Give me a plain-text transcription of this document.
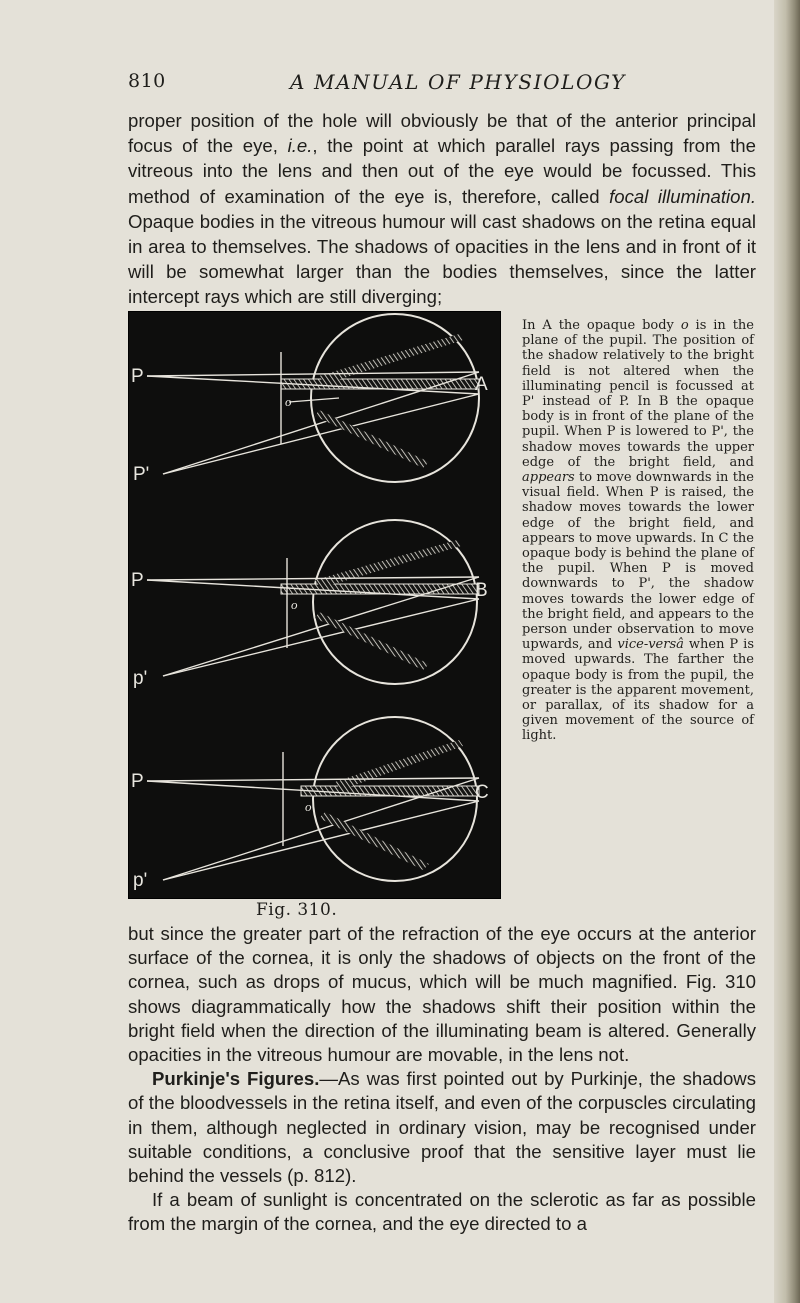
810	A MANUAL OF PHYSIOLOGY

proper position of the hole will obviously be that of the anterior principal focus of the eye, i.e., the point at which parallel rays passing from the vitreous into the lens and then out of the eye would be focussed. This method of examination of the eye is, therefore, called focal illumination. Opaque bodies in the vitreous humour will cast shadows on the retina equal in area to themselves. The shadows of opacities in the lens and in front of it will be somewhat larger than the bodies themselves, since the latter intercept rays which are still diverging;

P
P'
A
o
P
p'
B
o
P
p'
C
o
Fig. 310.

In A the opaque body o is in the plane of the pupil. The position of the shadow relatively to the bright field is not altered when the illuminating pencil is focussed at P' instead of P. In B the opaque body is in front of the plane of the pupil. When P is lowered to P', the shadow moves towards the upper edge of the bright field, and appears to move downwards in the visual field. When P is raised, the shadow moves towards the lower edge of the bright field, and appears to move upwards. In C the opaque body is behind the plane of the pupil. When P is moved downwards to P', the shadow moves towards the lower edge of the bright field, and appears to the person under observation to move upwards, and vice-versâ when P is moved upwards. The farther the opaque body is from the pupil, the greater is the apparent movement, or parallax, of its shadow for a given movement of the source of light.

but since the greater part of the refraction of the eye occurs at the anterior surface of the cornea, it is only the shadows of objects on the front of the cornea, such as drops of mucus, which will be much magnified. Fig. 310 shows diagrammatically how the shadows shift their position within the bright field when the direction of the illuminating beam is altered. Generally opacities in the vitreous humour are movable, in the lens not.

Purkinje's Figures.—As was first pointed out by Purkinje, the shadows of the bloodvessels in the retina itself, and even of the corpuscles circulating in them, although neglected in ordinary vision, may be recognised under suitable conditions, a conclusive proof that the sensitive layer must lie behind the vessels (p. 812).

If a beam of sunlight is concentrated on the sclerotic as far as possible from the margin of the cornea, and the eye directed to a
